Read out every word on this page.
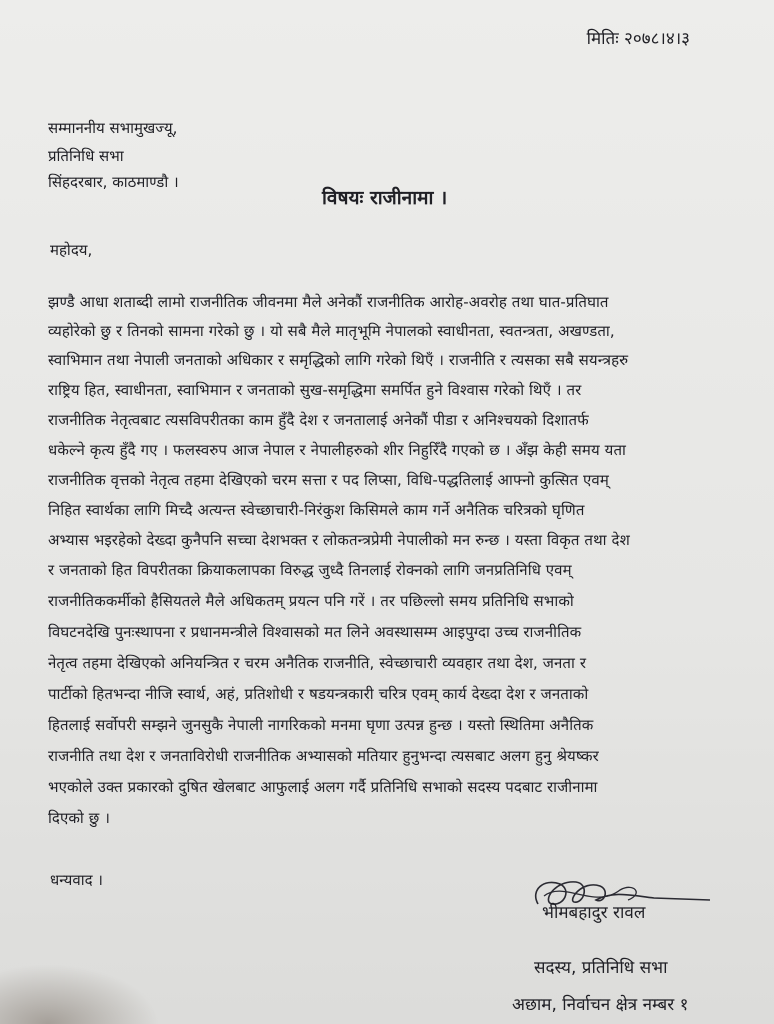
मितिः २०७८।४।३
सम्माननीय सभामुखज्यू,
प्रतिनिधि सभा
सिंहदरबार, काठमाण्डौ ।
विषयः राजीनामा ।
महोदय,
झण्डै आधा शताब्दी लामो राजनीतिक जीवनमा मैले अनेकौं राजनीतिक आरोह-अवरोह तथा घात-प्रतिघात
व्यहोरेको छु र तिनको सामना गरेको छु । यो सबै मैले मातृभूमि नेपालको स्वाधीनता, स्वतन्त्रता, अखण्डता,
स्वाभिमान तथा नेपाली जनताको अधिकार र समृद्धिको लागि गरेको थिएँ । राजनीति र त्यसका सबै सयन्त्रहरु
राष्ट्रिय हित, स्वाधीनता, स्वाभिमान र जनताको सुख-समृद्धिमा समर्पित हुने विश्वास गरेको थिएँ । तर
राजनीतिक नेतृत्वबाट त्यसविपरीतका काम हुँदै देश र जनतालाई अनेकौं पीडा र अनिश्चयको दिशातर्फ
धकेल्ने कृत्य हुँदै गए । फलस्वरुप आज नेपाल र नेपालीहरुको शीर निहुरिँदै गएको छ । अँझ केही समय यता
राजनीतिक वृत्तको नेतृत्व तहमा देखिएको चरम सत्ता र पद लिप्सा, विधि-पद्धतिलाई आफ्नो कुत्सित एवम्
निहित स्वार्थका लागि मिच्दै अत्यन्त स्वेच्छाचारी-निरंकुश किसिमले काम गर्ने अनैतिक चरित्रको घृणित
अभ्यास भइरहेको देख्दा कुनैपनि सच्चा देशभक्त र लोकतन्त्रप्रेमी नेपालीको मन रुन्छ । यस्ता विकृत तथा देश
र जनताको हित विपरीतका क्रियाकलापका विरुद्ध जुध्दै तिनलाई रोक्नको लागि जनप्रतिनिधि एवम्
राजनीतिककर्मीको हैसियतले मैले अधिकतम् प्रयत्न पनि गरें । तर पछिल्लो समय प्रतिनिधि सभाको
विघटनदेखि पुनःस्थापना र प्रधानमन्त्रीले विश्वासको मत लिने अवस्थासम्म आइपुग्दा उच्च राजनीतिक
नेतृत्व तहमा देखिएको अनियन्त्रित र चरम अनैतिक राजनीति, स्वेच्छाचारी व्यवहार तथा देश, जनता र
पार्टीको हितभन्दा नीजि स्वार्थ, अहं, प्रतिशोधी र षडयन्त्रकारी चरित्र एवम् कार्य देख्दा देश र जनताको
हितलाई सर्वोपरी सम्झने जुनसुकै नेपाली नागरिकको मनमा घृणा उत्पन्न हुन्छ । यस्तो स्थितिमा अनैतिक
राजनीति तथा देश र जनताविरोधी राजनीतिक अभ्यासको मतियार हुनुभन्दा त्यसबाट अलग हुनु श्रेयष्कर
भएकोले उक्त प्रकारको दुषित खेलबाट आफुलाई अलग गर्दै प्रतिनिधि सभाको सदस्य पदबाट राजीनामा
दिएको छु ।
धन्यवाद ।
भीमबहादुर रावल
सदस्य, प्रतिनिधि सभा
अछाम, निर्वाचन क्षेत्र नम्बर १
